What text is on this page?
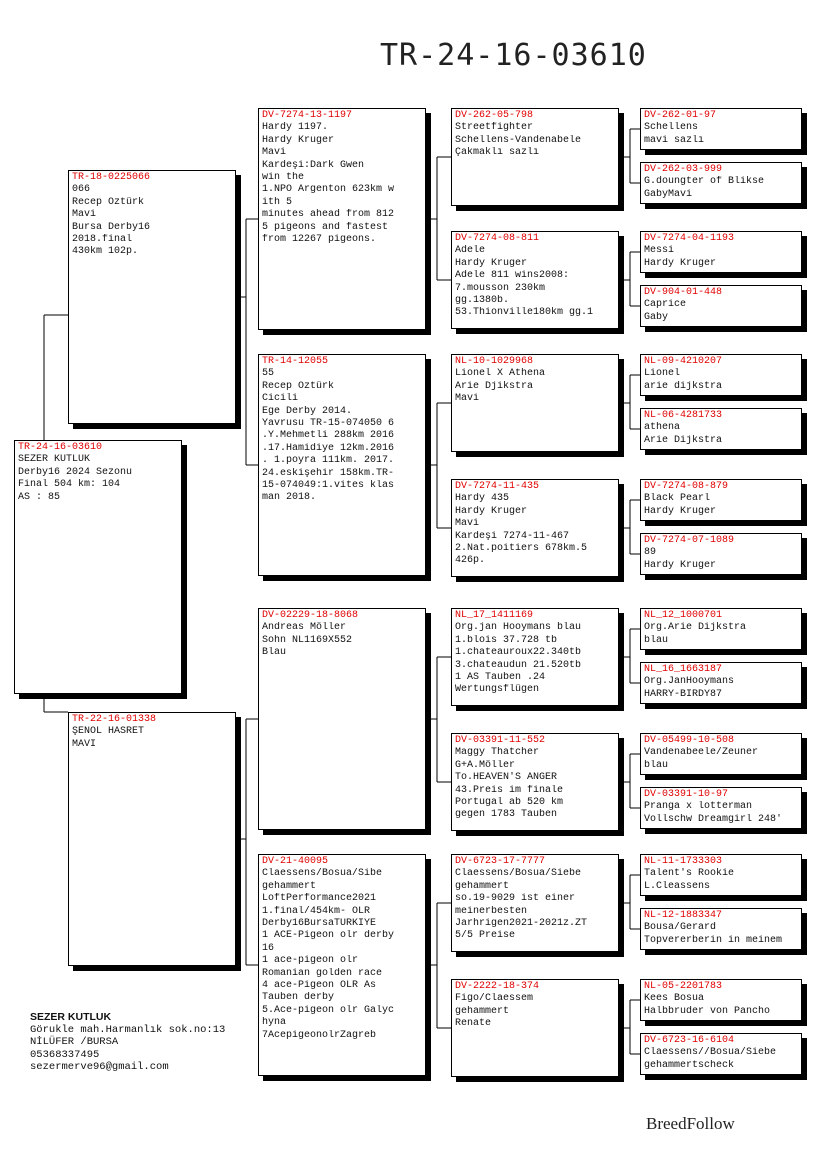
TR-24-16-03610
TR-24-16-03610
SEZER KUTLUK
Derby16 2024 Sezonu
Final 504 km: 104
AS : 85
TR-18-0225066
066
Recep Öztürk
Mavi
Bursa Derby16
2018.final
430km 102p.
TR-22-16-01338
ŞENOL HASRET
MAVİ
DV-7274-13-1197
Hardy 1197.
Hardy Kruger
Mavi
Kardeşi:Dark Gwen
win the
1.NPO Argenton 623km w
ith 5
minutes ahead from 812
5 pigeons and fastest
from 12267 pigeons.
TR-14-12055
55
Recep Öztürk
Cicili
Ege Derby 2014.
Yavrusu TR-15-074050 6
.Y.Mehmetli 288km 2016
.17.Hamidiye 12km.2016
. 1.poyra 111km. 2017.
24.eskişehir 158km.TR-
15-074049:1.vites klas
man 2018.
DV-02229-18-8068
Andreas Möller
Sohn NL1169X552
Blau
DV-21-40095
Claessens/Bosua/Sibe
gehammert
LoftPerformance2021
1.final/454km- OLR
Derby16BursaTÜRKİYE
1 ACE-Pigeon olr derby
16
1 ace-pigeon olr
Romanian golden race
4 ace-Pigeon OLR As
Tauben derby
5.Ace-pigeon olr Galyc
hyna
7AcepigeonolrZagreb
DV-262-05-798
Streetfighter
Schellens-Vandenabele
Çakmaklı sazlı
DV-7274-08-811
Adele
Hardy Kruger
Adele 811 wins2008:
7.mousson 230km
gg.1380b.
53.Thionville180km gg.1
NL-10-1029968
Lionel X Athena
Arie Djikstra
Mavi
DV-7274-11-435
Hardy 435
Hardy Kruger
Mavi
Kardeşi 7274-11-467
2.Nat.poitiers 678km.5
426p.
NL_17_1411169
Org.jan Hooymans blau
1.blois 37.728 tb
1.chateauroux22.340tb
3.chateaudun 21.520tb
1 AS Tauben .24
Wertungsflügen
DV-03391-11-552
Maggy Thatcher
G+A.Möller
To.HEAVEN'S ANGER
43.Preis im finale
Portugal ab 520 km
gegen 1783 Tauben
DV-6723-17-7777
Claessens/Bosua/Siebe
gehammert
so.19-9029 ist einer
meinerbesten
Jarhrigen2021-2021z.ZT
5/5 Preise
DV-2222-18-374
Figo/Claessem
gehammert
Renate
DV-262-01-97
Schellens
mavi sazlı
DV-262-03-999
G.doungter of Blikse
GabyMavi
DV-7274-04-1193
Messi
Hardy Kruger
DV-904-01-448
Caprice
Gaby
NL-09-4210207
Lionel
arie dijkstra
NL-06-4281733
athena
Arie Dijkstra
DV-7274-08-879
Black Pearl
Hardy Kruger
DV-7274-07-1089
89
Hardy Kruger
NL_12_1000701
Org.Arie Dijkstra
blau
NL_16_1663187
Org.JanHooymans
HARRY-BIRDY87
DV-05499-10-508
Vandenabeele/Zeuner
blau
DV-03391-10-97
Pranga x lotterman
Vollschw Dreamgirl 248'
NL-11-1733303
Talent's Rookie
L.Cleassens
NL-12-1883347
Bousa/Gerard
Topvererberin in meinem
NL-05-2201783
Kees Bosua
Halbbruder von Pancho
DV-6723-16-6104
Claessens//Bosua/Siebe
gehammertscheck
SEZER KUTLUK
Görukle mah.Harmanlık sok.no:13
NİLÜFER /BURSA
05368337495
sezermerve96@gmail.com
BreedFollow
